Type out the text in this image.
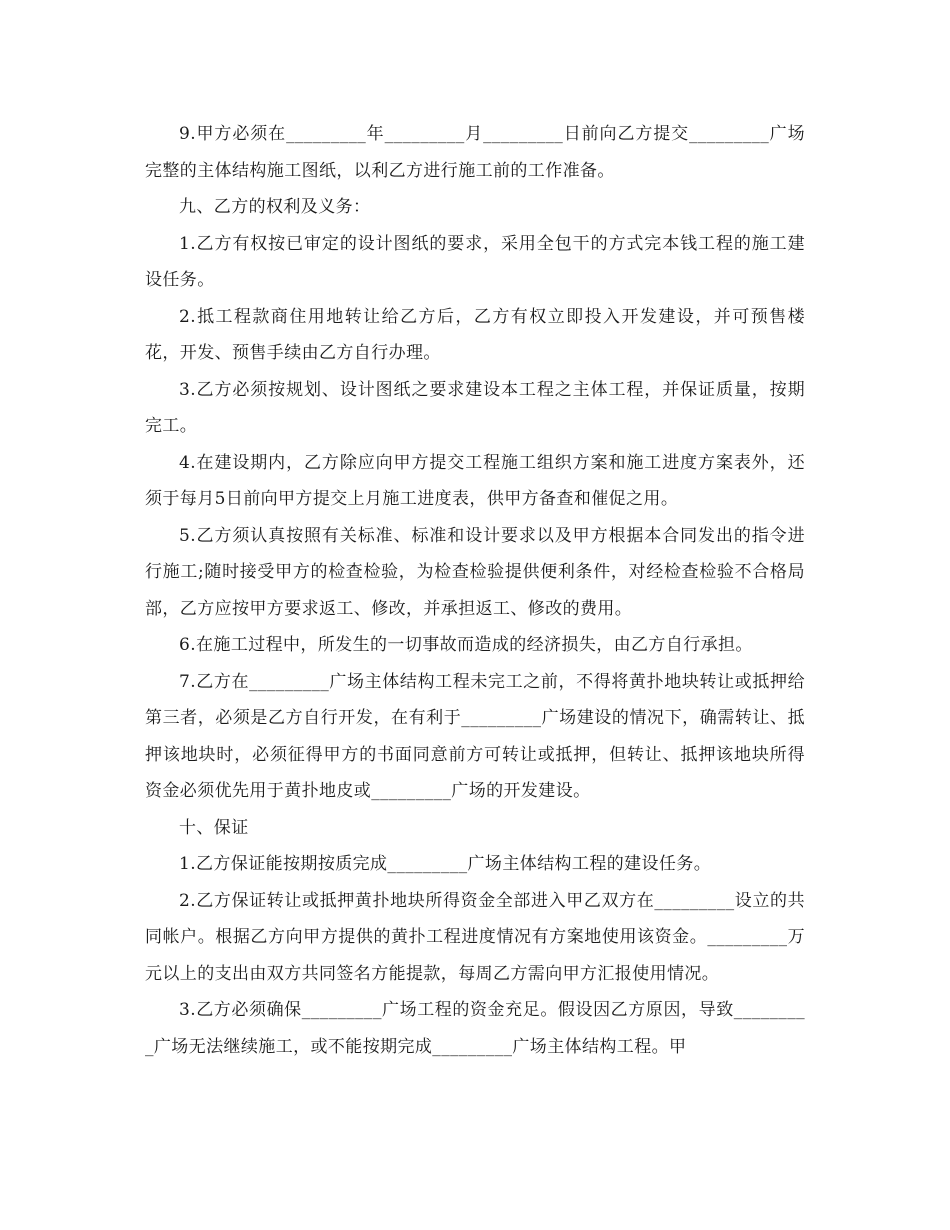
9.甲方必须在_________年_________月_________日前向乙方提交_________广场完整的主体结构施工图纸，以利乙方进行施工前的工作准备。

九、乙方的权利及义务：

1.乙方有权按已审定的设计图纸的要求，采用全包干的方式完本钱工程的施工建设任务。

2.抵工程款商住用地转让给乙方后，乙方有权立即投入开发建设，并可预售楼花，开发、预售手续由乙方自行办理。

3.乙方必须按规划、设计图纸之要求建设本工程之主体工程，并保证质量，按期完工。

4.在建设期内，乙方除应向甲方提交工程施工组织方案和施工进度方案表外，还须于每月5日前向甲方提交上月施工进度表，供甲方备查和催促之用。

5.乙方须认真按照有关标准、标准和设计要求以及甲方根据本合同发出的指令进行施工;随时接受甲方的检查检验，为检查检验提供便利条件，对经检查检验不合格局部，乙方应按甲方要求返工、修改，并承担返工、修改的费用。

6.在施工过程中，所发生的一切事故而造成的经济损失，由乙方自行承担。

7.乙方在_________广场主体结构工程未完工之前，不得将黄扑地块转让或抵押给第三者，必须是乙方自行开发，在有利于_________广场建设的情况下，确需转让、抵押该地块时，必须征得甲方的书面同意前方可转让或抵押，但转让、抵押该地块所得资金必须优先用于黄扑地皮或_________广场的开发建设。

十、保证

1.乙方保证能按期按质完成_________广场主体结构工程的建设任务。

2.乙方保证转让或抵押黄扑地块所得资金全部进入甲乙双方在_________设立的共同帐户。根据乙方向甲方提供的黄扑工程进度情况有方案地使用该资金。_________万元以上的支出由双方共同签名方能提款，每周乙方需向甲方汇报使用情况。

3.乙方必须确保_________广场工程的资金充足。假设因乙方原因，导致_________广场无法继续施工，或不能按期完成_________广场主体结构工程。甲
